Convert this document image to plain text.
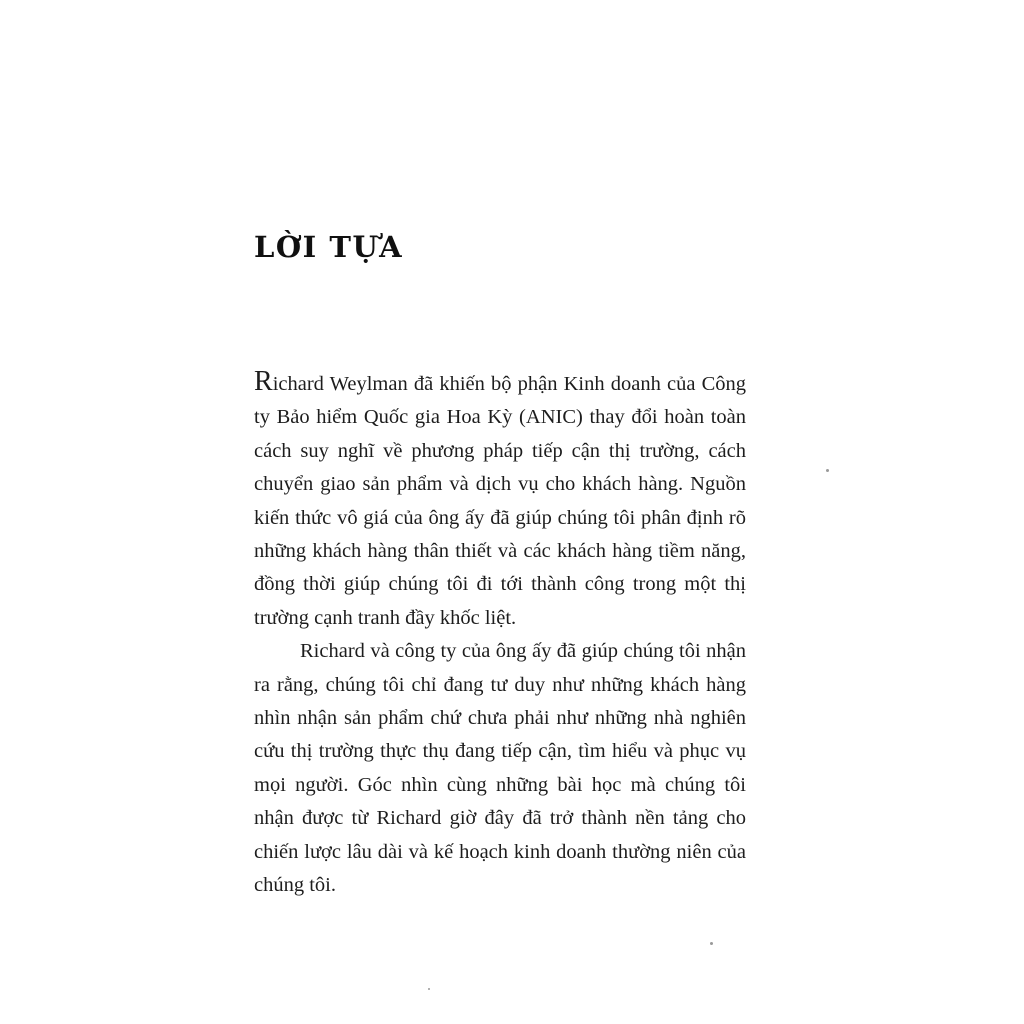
LỜI TỰA

Richard Weylman đã khiến bộ phận Kinh doanh của Công ty Bảo hiểm Quốc gia Hoa Kỳ (ANIC) thay đổi hoàn toàn cách suy nghĩ về phương pháp tiếp cận thị trường, cách chuyển giao sản phẩm và dịch vụ cho khách hàng. Nguồn kiến thức vô giá của ông ấy đã giúp chúng tôi phân định rõ những khách hàng thân thiết và các khách hàng tiềm năng, đồng thời giúp chúng tôi đi tới thành công trong một thị trường cạnh tranh đầy khốc liệt.

Richard và công ty của ông ấy đã giúp chúng tôi nhận ra rằng, chúng tôi chỉ đang tư duy như những khách hàng nhìn nhận sản phẩm chứ chưa phải như những nhà nghiên cứu thị trường thực thụ đang tiếp cận, tìm hiểu và phục vụ mọi người. Góc nhìn cùng những bài học mà chúng tôi nhận được từ Richard giờ đây đã trở thành nền tảng cho chiến lược lâu dài và kế hoạch kinh doanh thường niên của chúng tôi.
